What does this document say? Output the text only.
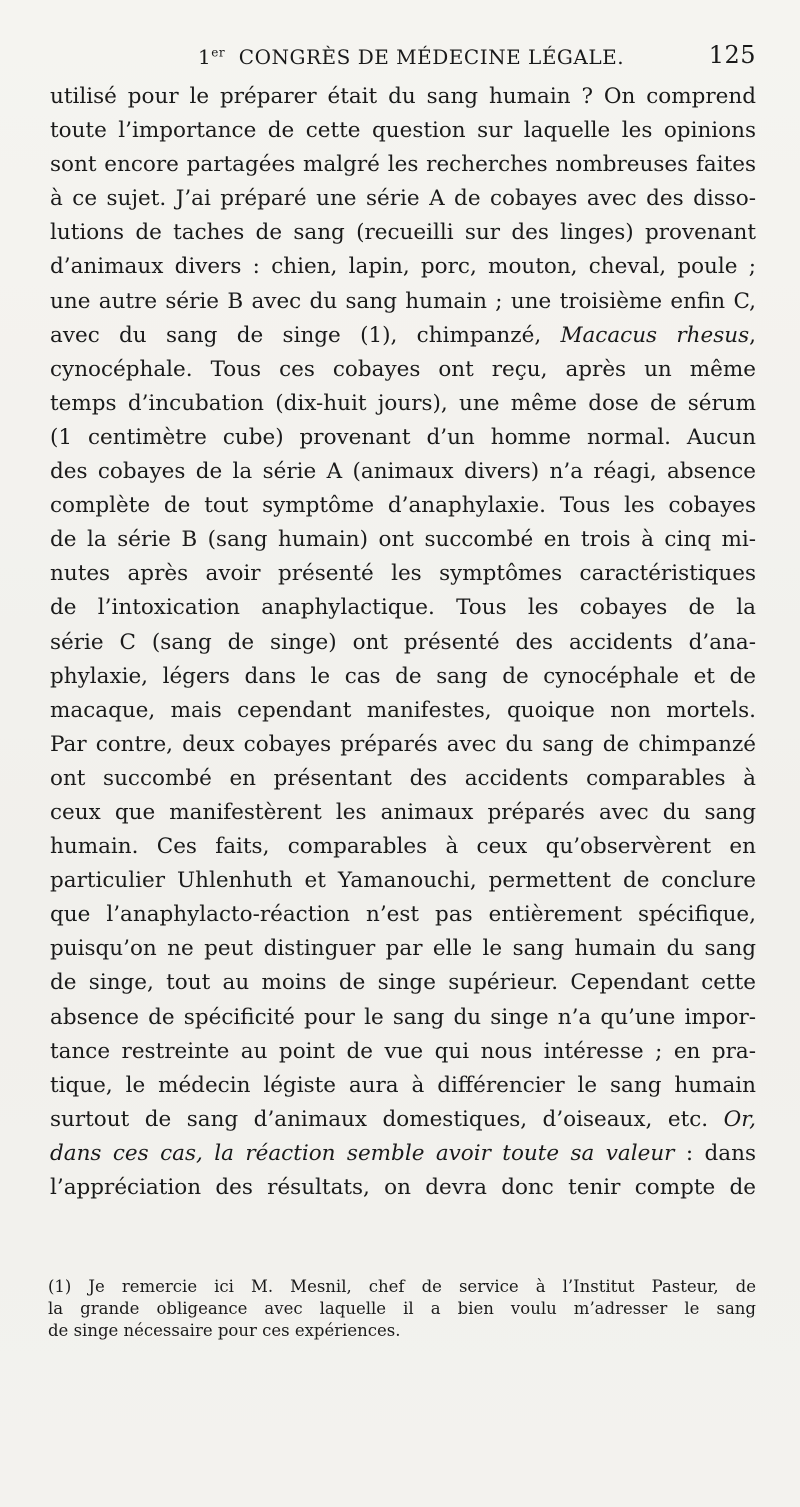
1er CONGRÈS DE MÉDECINE LÉGALE.	125
utilisé pour le préparer était du sang humain ? On comprend
toute l’importance de cette question sur laquelle les opinions
sont encore partagées malgré les recherches nombreuses faites
à ce sujet. J’ai préparé une série A de cobayes avec des disso-
lutions de taches de sang (recueilli sur des linges) provenant
d’animaux divers : chien, lapin, porc, mouton, cheval, poule ;
une autre série B avec du sang humain ; une troisième enfin C,
avec du sang de singe (1), chimpanzé, Macacus rhesus,
cynocéphale. Tous ces cobayes ont reçu, après un même
temps d’incubation (dix-huit jours), une même dose de sérum
(1 centimètre cube) provenant d’un homme normal. Aucun
des cobayes de la série A (animaux divers) n’a réagi, absence
complète de tout symptôme d’anaphylaxie. Tous les cobayes
de la série B (sang humain) ont succombé en trois à cinq mi-
nutes après avoir présenté les symptômes caractéristiques
de l’intoxication anaphylactique. Tous les cobayes de la
série C (sang de singe) ont présenté des accidents d’ana-
phylaxie, légers dans le cas de sang de cynocéphale et de
macaque, mais cependant manifestes, quoique non mortels.
Par contre, deux cobayes préparés avec du sang de chimpanzé
ont succombé en présentant des accidents comparables à
ceux que manifestèrent les animaux préparés avec du sang
humain. Ces faits, comparables à ceux qu’observèrent en
particulier Uhlenhuth et Yamanouchi, permettent de conclure
que l’anaphylacto-réaction n’est pas entièrement spécifique,
puisqu’on ne peut distinguer par elle le sang humain du sang
de singe, tout au moins de singe supérieur. Cependant cette
absence de spécificité pour le sang du singe n’a qu’une impor-
tance restreinte au point de vue qui nous intéresse ; en pra-
tique, le médecin légiste aura à différencier le sang humain
surtout de sang d’animaux domestiques, d’oiseaux, etc. Or,
dans ces cas, la réaction semble avoir toute sa valeur : dans
l’appréciation des résultats, on devra donc tenir compte de
(1) Je remercie ici M. Mesnil, chef de service à l’Institut Pasteur, de
la grande obligeance avec laquelle il a bien voulu m’adresser le sang
de singe nécessaire pour ces expériences.
